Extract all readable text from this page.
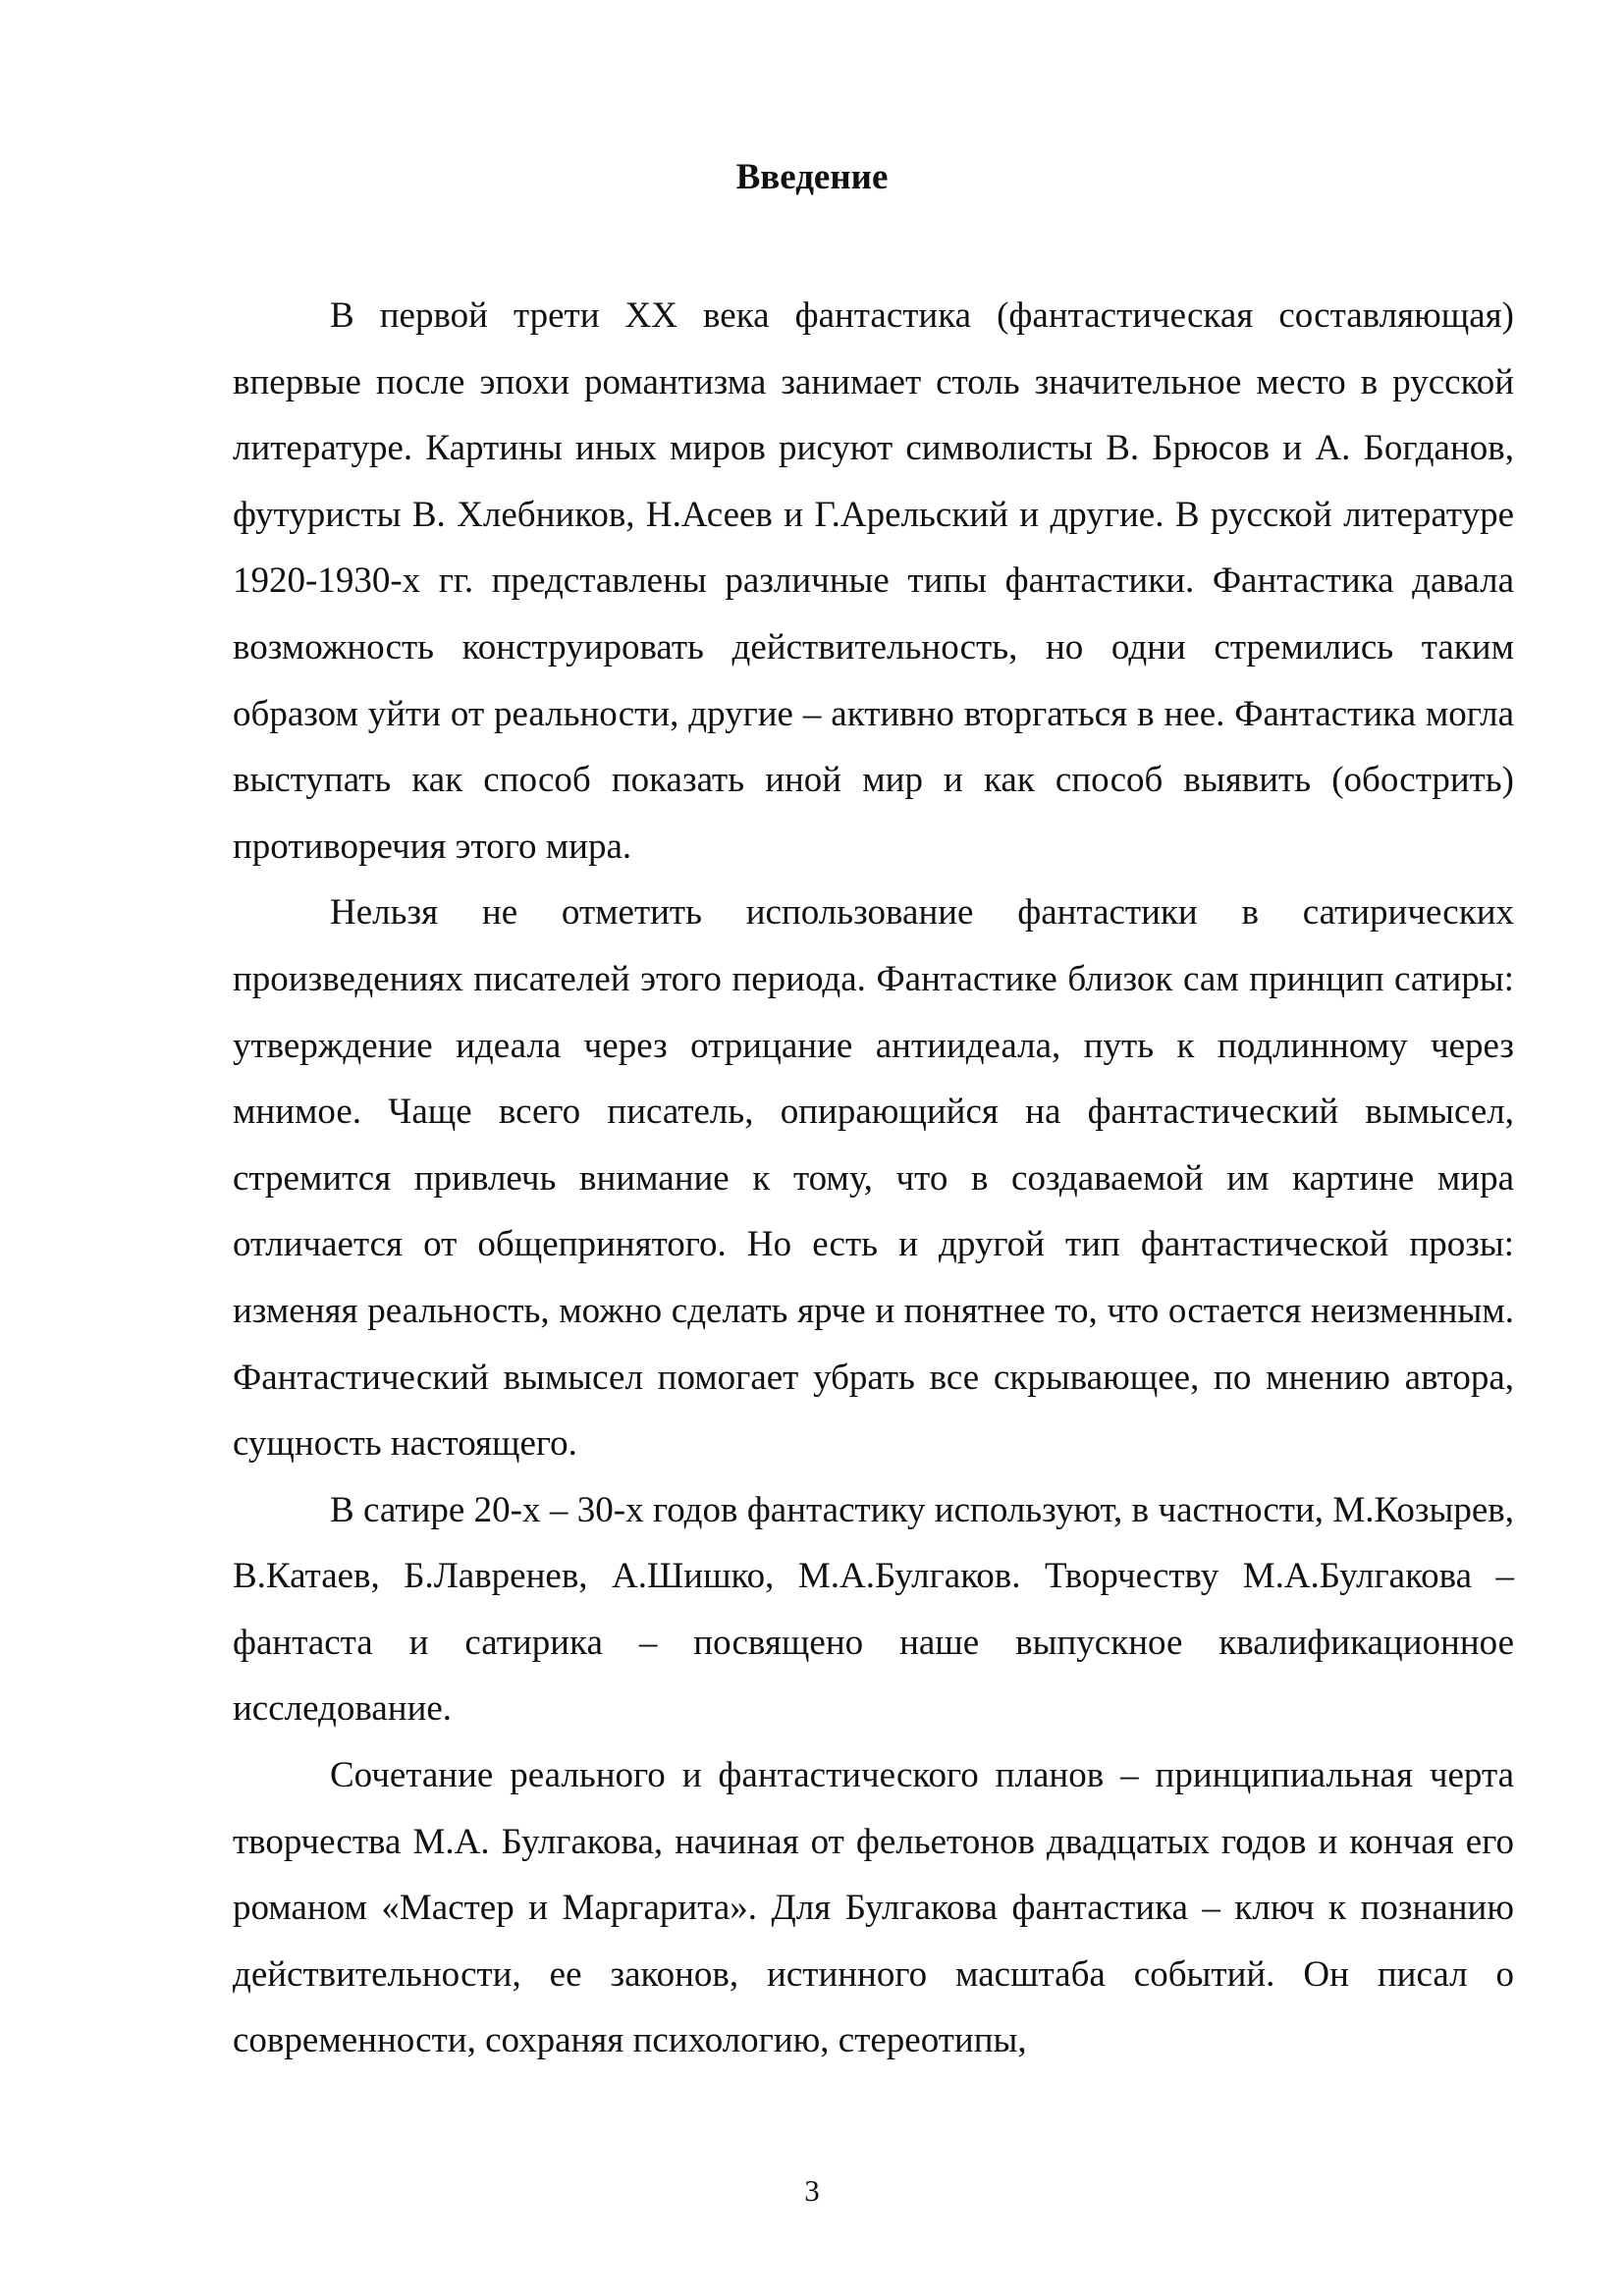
Введение

В первой трети XX века фантастика (фантастическая составляющая) впервые после эпохи романтизма занимает столь значительное место в русской литературе. Картины иных миров рисуют символисты В. Брюсов и А. Богданов, футуристы В. Хлебников, Н.Асеев и Г.Арельский и другие. В русской литературе 1920-1930-х гг. представлены различные типы фантастики. Фантастика давала возможность конструировать действительность, но одни стремились таким образом уйти от реальности, другие – активно вторгаться в нее. Фантастика могла выступать как способ показать иной мир и как способ выявить (обострить) противоречия этого мира.

Нельзя не отметить использование фантастики в сатирических произведениях писателей этого периода. Фантастике близок сам принцип сатиры: утверждение идеала через отрицание антиидеала, путь к подлинному через мнимое. Чаще всего писатель, опирающийся на фантастический вымысел, стремится привлечь внимание к тому, что в создаваемой им картине мира отличается от общепринятого. Но есть и другой тип фантастической прозы: изменяя реальность, можно сделать ярче и понятнее то, что остается неизменным. Фантастический вымысел помогает убрать все скрывающее, по мнению автора, сущность настоящего.

В сатире 20-х – 30-х годов фантастику используют, в частности, М.Козырев, В.Катаев, Б.Лавренев, А.Шишко, М.А.Булгаков. Творчеству М.А.Булгакова – фантаста и сатирика – посвящено наше выпускное квалификационное исследование.

Сочетание реального и фантастического планов – принципиальная черта творчества М.А. Булгакова, начиная от фельетонов двадцатых годов и кончая его романом «Мастер и Маргарита». Для Булгакова фантастика – ключ к познанию действительности, ее законов, истинного масштаба событий. Он писал о современности, сохраняя психологию, стереотипы,

3
